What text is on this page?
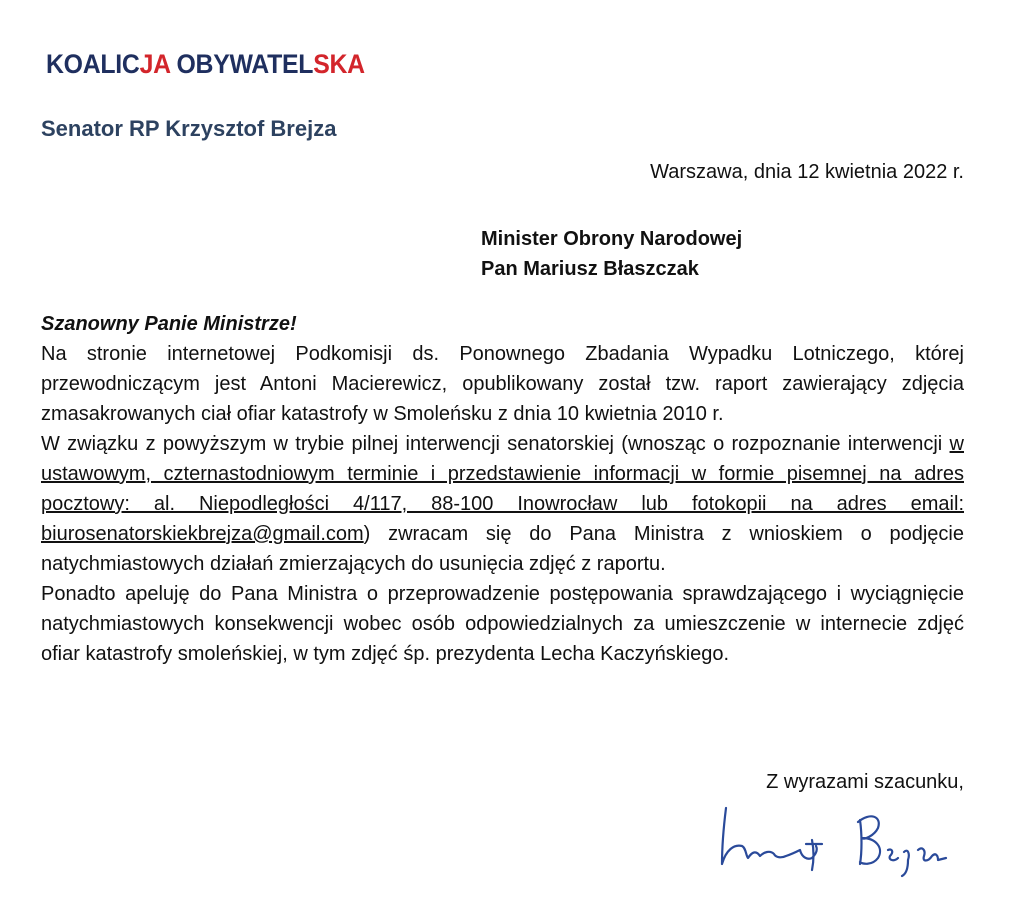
KOALICJA OBYWATELSKA
Senator RP Krzysztof Brejza
Warszawa, dnia 12 kwietnia 2022 r.
Minister Obrony Narodowej
Pan Mariusz Błaszczak
Szanowny Panie Ministrze!

Na stronie internetowej Podkomisji ds. Ponownego Zbadania Wypadku Lotniczego, której przewodniczącym jest Antoni Macierewicz, opublikowany został tzw. raport zawierający zdjęcia zmasakrowanych ciał ofiar katastrofy w Smoleńsku z dnia 10 kwietnia 2010 r.

W związku z powyższym w trybie pilnej interwencji senatorskiej (wnosząc o rozpoznanie interwencji w ustawowym, czternastodniowym terminie i przedstawienie informacji w formie pisemnej na adres pocztowy: al. Niepodległości 4/117, 88-100 Inowrocław lub fotokopii na adres email: biurosenatorskiekbrejza@gmail.com) zwracam się do Pana Ministra z wnioskiem o podjęcie natychmiastowych działań zmierzających do usunięcia zdjęć z raportu.

Ponadto apeluję do Pana Ministra o przeprowadzenie postępowania sprawdzającego i wyciągnięcie natychmiastowych konsekwencji wobec osób odpowiedzialnych za umieszczenie w internecie zdjęć ofiar katastrofy smoleńskiej, w tym zdjęć śp. prezydenta Lecha Kaczyńskiego.

Z wyrazami szacunku,
